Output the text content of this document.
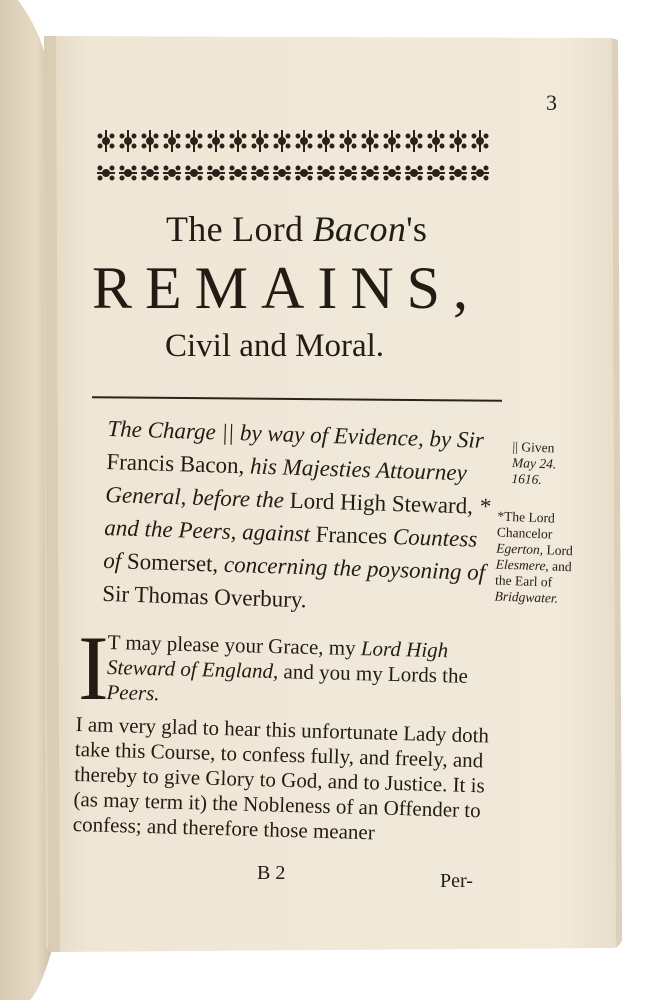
3
The Lord Bacon's
REMAINS,
Civil and Moral.
The Charge || by way of Evidence, by Sir Francis Bacon, his Majesties Attourney General, before the Lord High Steward, * and the Peers, against Frances Countess of Somerset, concerning the poysoning of Sir Thomas Overbury.
|| Given May 24. 1616.
*The Lord Chancelor Egerton, Lord Elesmere, and the Earl of Bridgwater.
I
T may please your Grace, my Lord High Steward of England, and you my Lords the Peers.
I am very glad to hear this unfortunate Lady doth take this Course, to confess fully, and freely, and thereby to give Glory to God, and to Justice. It is (as may term it) the Nobleness of an Offender to confess; and therefore those meaner
B 2	Per-
